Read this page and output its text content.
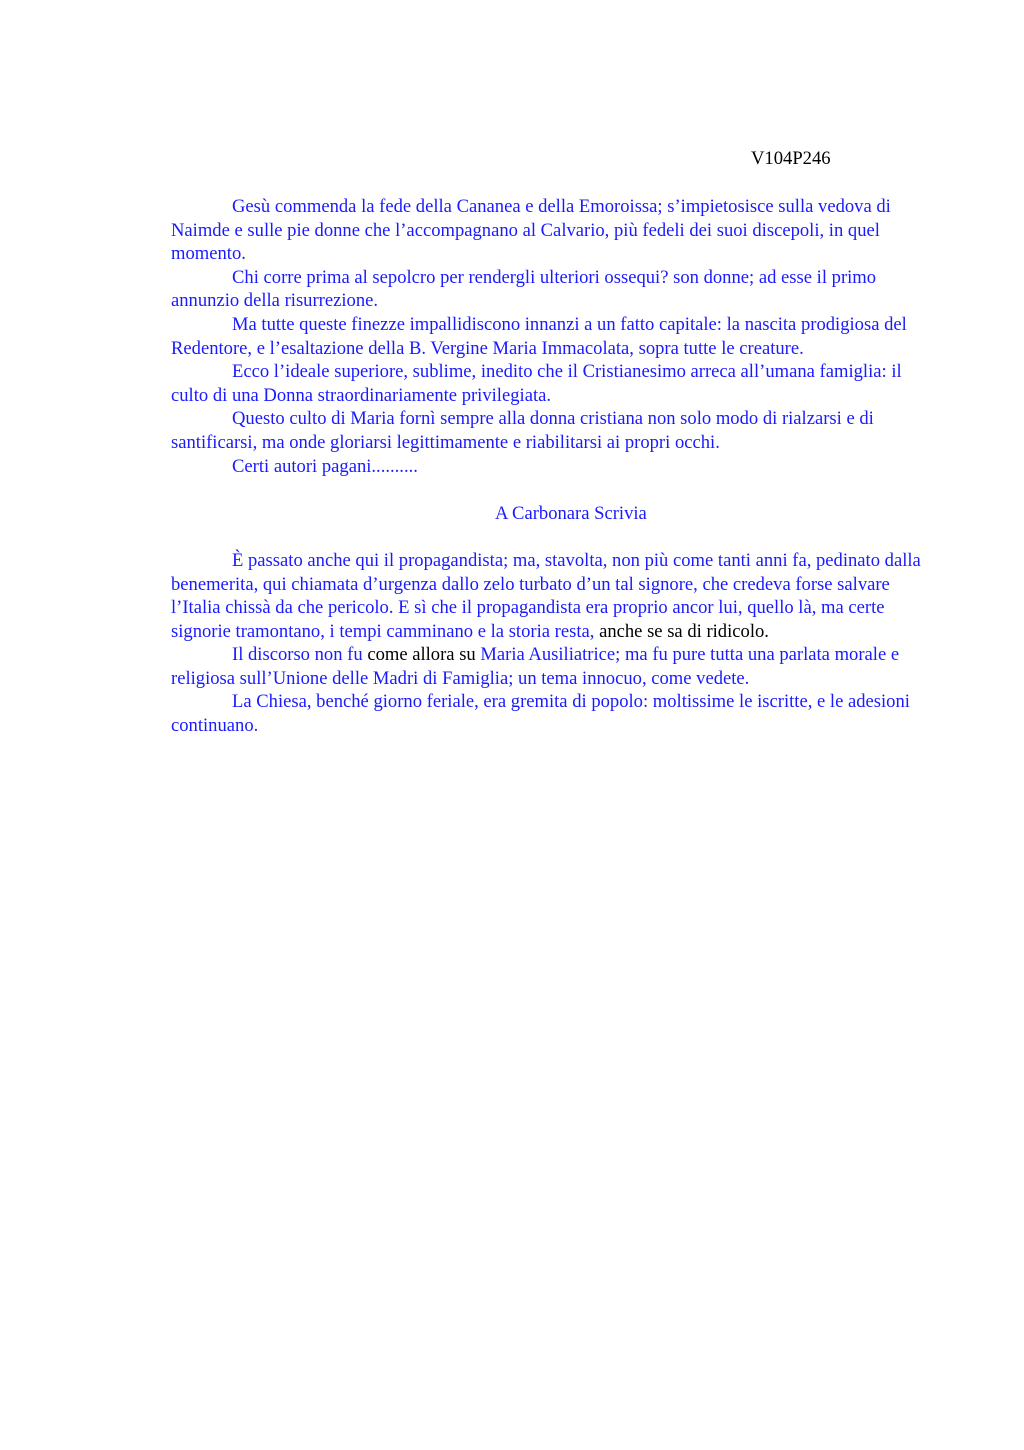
V104P246

Gesù commenda la fede della Cananea e della Emoroissa; s’impietosisce sulla vedova di Naimde e sulle pie donne che l’accompagnano al Calvario, più fedeli dei suoi discepoli, in quel momento.

Chi corre prima al sepolcro per rendergli ulteriori ossequi? son donne; ad esse il primo annunzio della risurrezione.

Ma tutte queste finezze impallidiscono innanzi a un fatto capitale: la nascita prodigiosa del Redentore, e l’esaltazione della B. Vergine Maria Immacolata, sopra tutte le creature.

Ecco l’ideale superiore, sublime, inedito che il Cristianesimo arreca all’umana famiglia: il culto di una Donna straordinariamente privilegiata.

Questo culto di Maria fornì sempre alla donna cristiana non solo modo di rialzarsi e di santificarsi, ma onde gloriarsi legittimamente e riabilitarsi ai propri occhi.

Certi autori pagani..........

A Carbonara Scrivia

È passato anche qui il propagandista; ma, stavolta, non più come tanti anni fa, pedinato dalla benemerita, qui chiamata d’urgenza dallo zelo turbato d’un tal signore, che credeva forse salvare l’Italia chissà da che pericolo. E sì che il propagandista era proprio ancor lui, quello là, ma certe signorie tramontano, i tempi camminano e la storia resta, anche se sa di ridicolo.

Il discorso non fu come allora su Maria Ausiliatrice; ma fu pure tutta una parlata morale e religiosa sull’Unione delle Madri di Famiglia; un tema innocuo, come vedete.

La Chiesa, benché giorno feriale, era gremita di popolo: moltissime le iscritte, e le adesioni continuano.
